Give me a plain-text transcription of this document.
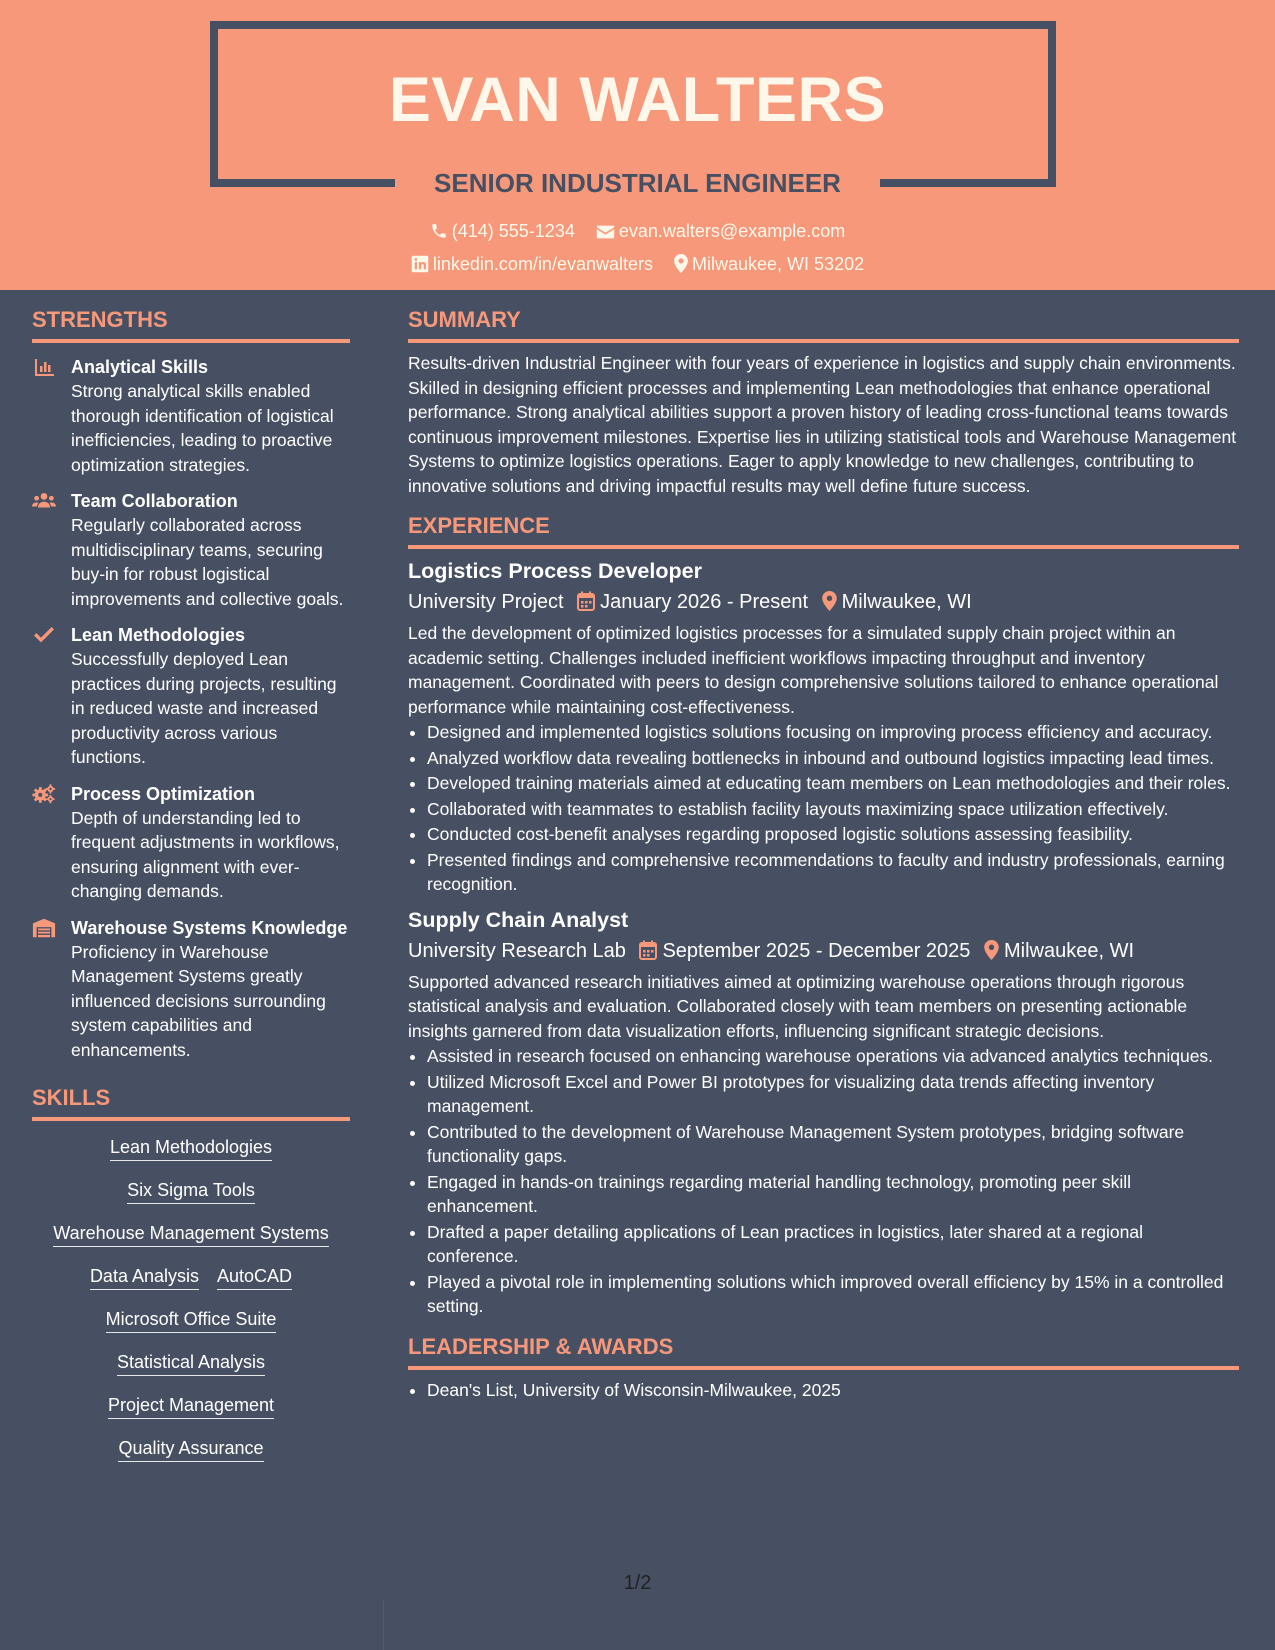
EVAN WALTERS
SENIOR INDUSTRIAL ENGINEER
(414) 555-1234 evan.walters@example.com
linkedin.com/in/evanwalters Milwaukee, WI 53202
STRENGTHS
Analytical Skills
Strong analytical skills enabled thorough identification of logistical inefficiencies, leading to proactive optimization strategies.
Team Collaboration
Regularly collaborated across multidisciplinary teams, securing buy-in for robust logistical improvements and collective goals.
Lean Methodologies
Successfully deployed Lean practices during projects, resulting in reduced waste and increased productivity across various functions.
Process Optimization
Depth of understanding led to frequent adjustments in workflows, ensuring alignment with ever-changing demands.
Warehouse Systems Knowledge
Proficiency in Warehouse Management Systems greatly influenced decisions surrounding system capabilities and enhancements.
SKILLS
Lean Methodologies
Six Sigma Tools
Warehouse Management Systems
Data Analysis AutoCAD
Microsoft Office Suite
Statistical Analysis
Project Management
Quality Assurance
SUMMARY
Results-driven Industrial Engineer with four years of experience in logistics and supply chain environments. Skilled in designing efficient processes and implementing Lean methodologies that enhance operational performance. Strong analytical abilities support a proven history of leading cross-functional teams towards continuous improvement milestones. Expertise lies in utilizing statistical tools and Warehouse Management Systems to optimize logistics operations. Eager to apply knowledge to new challenges, contributing to innovative solutions and driving impactful results may well define future success.
EXPERIENCE
Logistics Process Developer
University Project January 2026 - Present Milwaukee, WI
Led the development of optimized logistics processes for a simulated supply chain project within an academic setting. Challenges included inefficient workflows impacting throughput and inventory management. Coordinated with peers to design comprehensive solutions tailored to enhance operational performance while maintaining cost-effectiveness.
• Designed and implemented logistics solutions focusing on improving process efficiency and accuracy.
• Analyzed workflow data revealing bottlenecks in inbound and outbound logistics impacting lead times.
• Developed training materials aimed at educating team members on Lean methodologies and their roles.
• Collaborated with teammates to establish facility layouts maximizing space utilization effectively.
• Conducted cost-benefit analyses regarding proposed logistic solutions assessing feasibility.
• Presented findings and comprehensive recommendations to faculty and industry professionals, earning recognition.
Supply Chain Analyst
University Research Lab September 2025 - December 2025 Milwaukee, WI
Supported advanced research initiatives aimed at optimizing warehouse operations through rigorous statistical analysis and evaluation. Collaborated closely with team members on presenting actionable insights garnered from data visualization efforts, influencing significant strategic decisions.
• Assisted in research focused on enhancing warehouse operations via advanced analytics techniques.
• Utilized Microsoft Excel and Power BI prototypes for visualizing data trends affecting inventory management.
• Contributed to the development of Warehouse Management System prototypes, bridging software functionality gaps.
• Engaged in hands-on trainings regarding material handling technology, promoting peer skill enhancement.
• Drafted a paper detailing applications of Lean practices in logistics, later shared at a regional conference.
• Played a pivotal role in implementing solutions which improved overall efficiency by 15% in a controlled setting.
LEADERSHIP & AWARDS
• Dean's List, University of Wisconsin-Milwaukee, 2025
1/2
